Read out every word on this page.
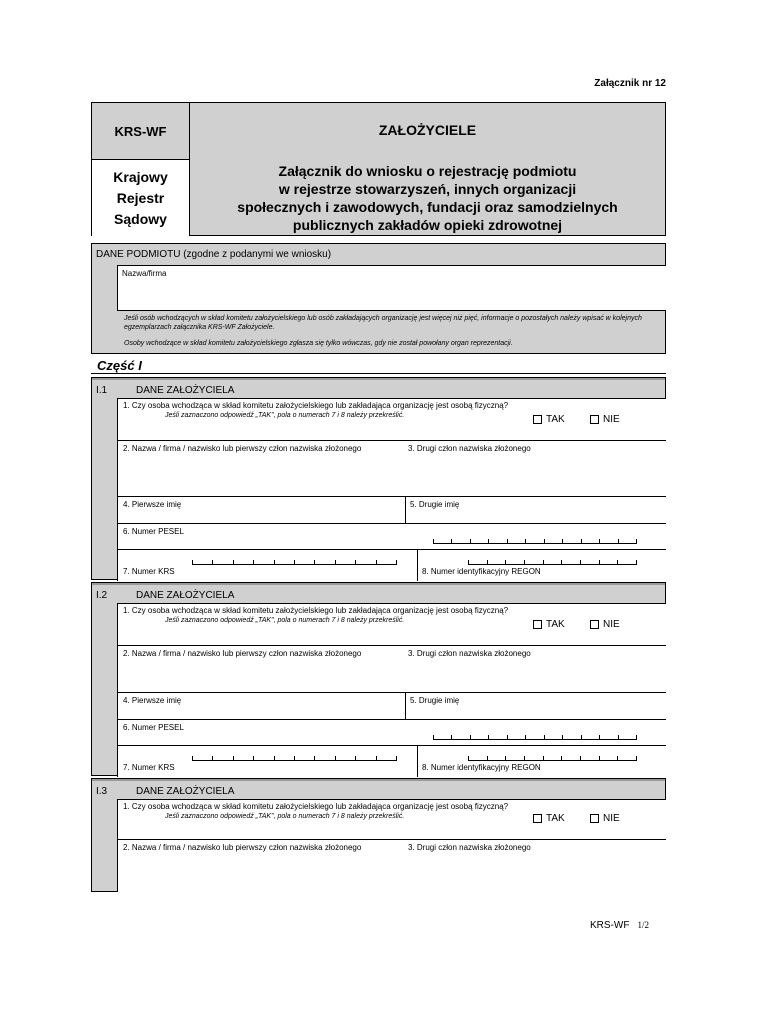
Załącznik nr 12
KRS-WF
Krajowy
Rejestr
Sądowy
ZAŁOŻYCIELE
Załącznik do wniosku o rejestrację podmiotu
w rejestrze stowarzyszeń, innych organizacji
społecznych i zawodowych, fundacji oraz samodzielnych
publicznych zakładów opieki zdrowotnej
DANE PODMIOTU (zgodne z podanymi we wniosku)
Nazwa/firma
Jeśli osób wchodzących w skład komitetu założycielskiego lub osób zakładających organizację jest więcej niż pięć, informacje o pozostałych należy wpisać w kolejnych egzemplarzach załącznika KRS-WF Założyciele.
Osoby wchodzące w skład komitetu założycielskiego zgłasza się tylko wówczas, gdy nie został powołany organ reprezentacji.
Część I
I.1	DANE ZAŁOŻYCIELA
1. Czy osoba wchodząca w skład komitetu założycielskiego lub zakładająca organizację jest osobą fizyczną?
Jeśli zaznaczono odpowiedź „TAK", pola o numerach 7 i 8 należy przekreślić.	TAK	NIE
2. Nazwa / firma / nazwisko lub pierwszy człon nazwiska złożonego	3. Drugi człon nazwiska złożonego
4. Pierwsze imię	5. Drugie imię
6. Numer PESEL
7. Numer KRS	8. Numer identyfikacyjny REGON
I.2	DANE ZAŁOŻYCIELA
1. Czy osoba wchodząca w skład komitetu założycielskiego lub zakładająca organizację jest osobą fizyczną?
Jeśli zaznaczono odpowiedź „TAK", pola o numerach 7 i 8 należy przekreślić.	TAK	NIE
2. Nazwa / firma / nazwisko lub pierwszy człon nazwiska złożonego	3. Drugi człon nazwiska złożonego
4. Pierwsze imię	5. Drugie imię
6. Numer PESEL
7. Numer KRS	8. Numer identyfikacyjny REGON
I.3	DANE ZAŁOŻYCIELA
1. Czy osoba wchodząca w skład komitetu założycielskiego lub zakładająca organizację jest osobą fizyczną?
Jeśli zaznaczono odpowiedź „TAK", pola o numerach 7 i 8 należy przekreślić.	TAK	NIE
2. Nazwa / firma / nazwisko lub pierwszy człon nazwiska złożonego	3. Drugi człon nazwiska złożonego
KRS-WF 1/2
